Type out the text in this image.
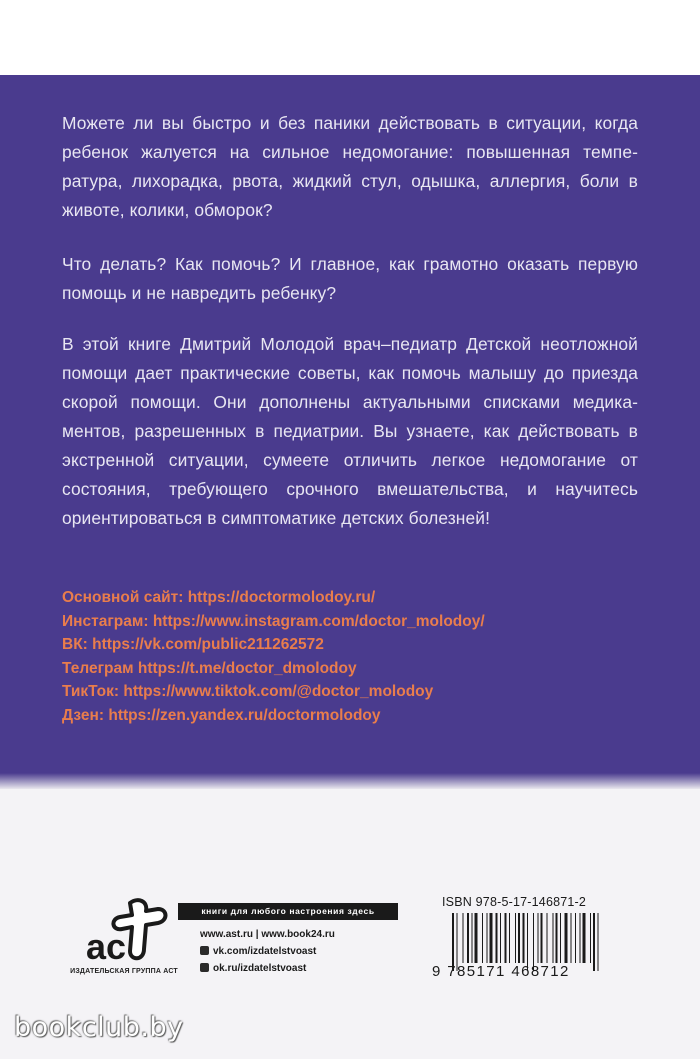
Можете ли вы быстро и без паники действовать в ситуации, когда ребенок жалуется на сильное недомогание: повышенная темпе-ратура, лихорадка, рвота, жидкий стул, одышка, аллергия, боли в животе, колики, обморок?

Что делать? Как помочь? И главное, как грамотно оказать первую помощь и не навредить ребенку?

В этой книге Дмитрий Молодой врач–педиатр Детской неотложной помощи дает практические советы, как помочь малышу до приезда скорой помощи. Они дополнены актуальными списками медика-ментов, разрешенных в педиатрии. Вы узнаете, как действовать в экстренной ситуации, сумеете отличить легкое недомогание от состояния, требующего срочного вмешательства, и научитесь ориентироваться в симптоматике детских болезней!

Основной сайт: https://doctormolodoy.ru/
Инстаграм: https://www.instagram.com/doctor_molodoy/
ВК: https://vk.com/public211262572
Телеграм https://t.me/doctor_dmolodoy
ТикТок: https://www.tiktok.com/@doctor_molodoy
Дзен: https://zen.yandex.ru/doctormolodoy
ac
ИЗДАТЕЛЬСКАЯ ГРУППА АСТ
книги для любого настроения здесь
www.ast.ru | www.book24.ru
vk.com/izdatelstvoast
ok.ru/izdatelstvoast
ISBN 978-5-17-146871-2
9 785171 468712
bookclub.by
